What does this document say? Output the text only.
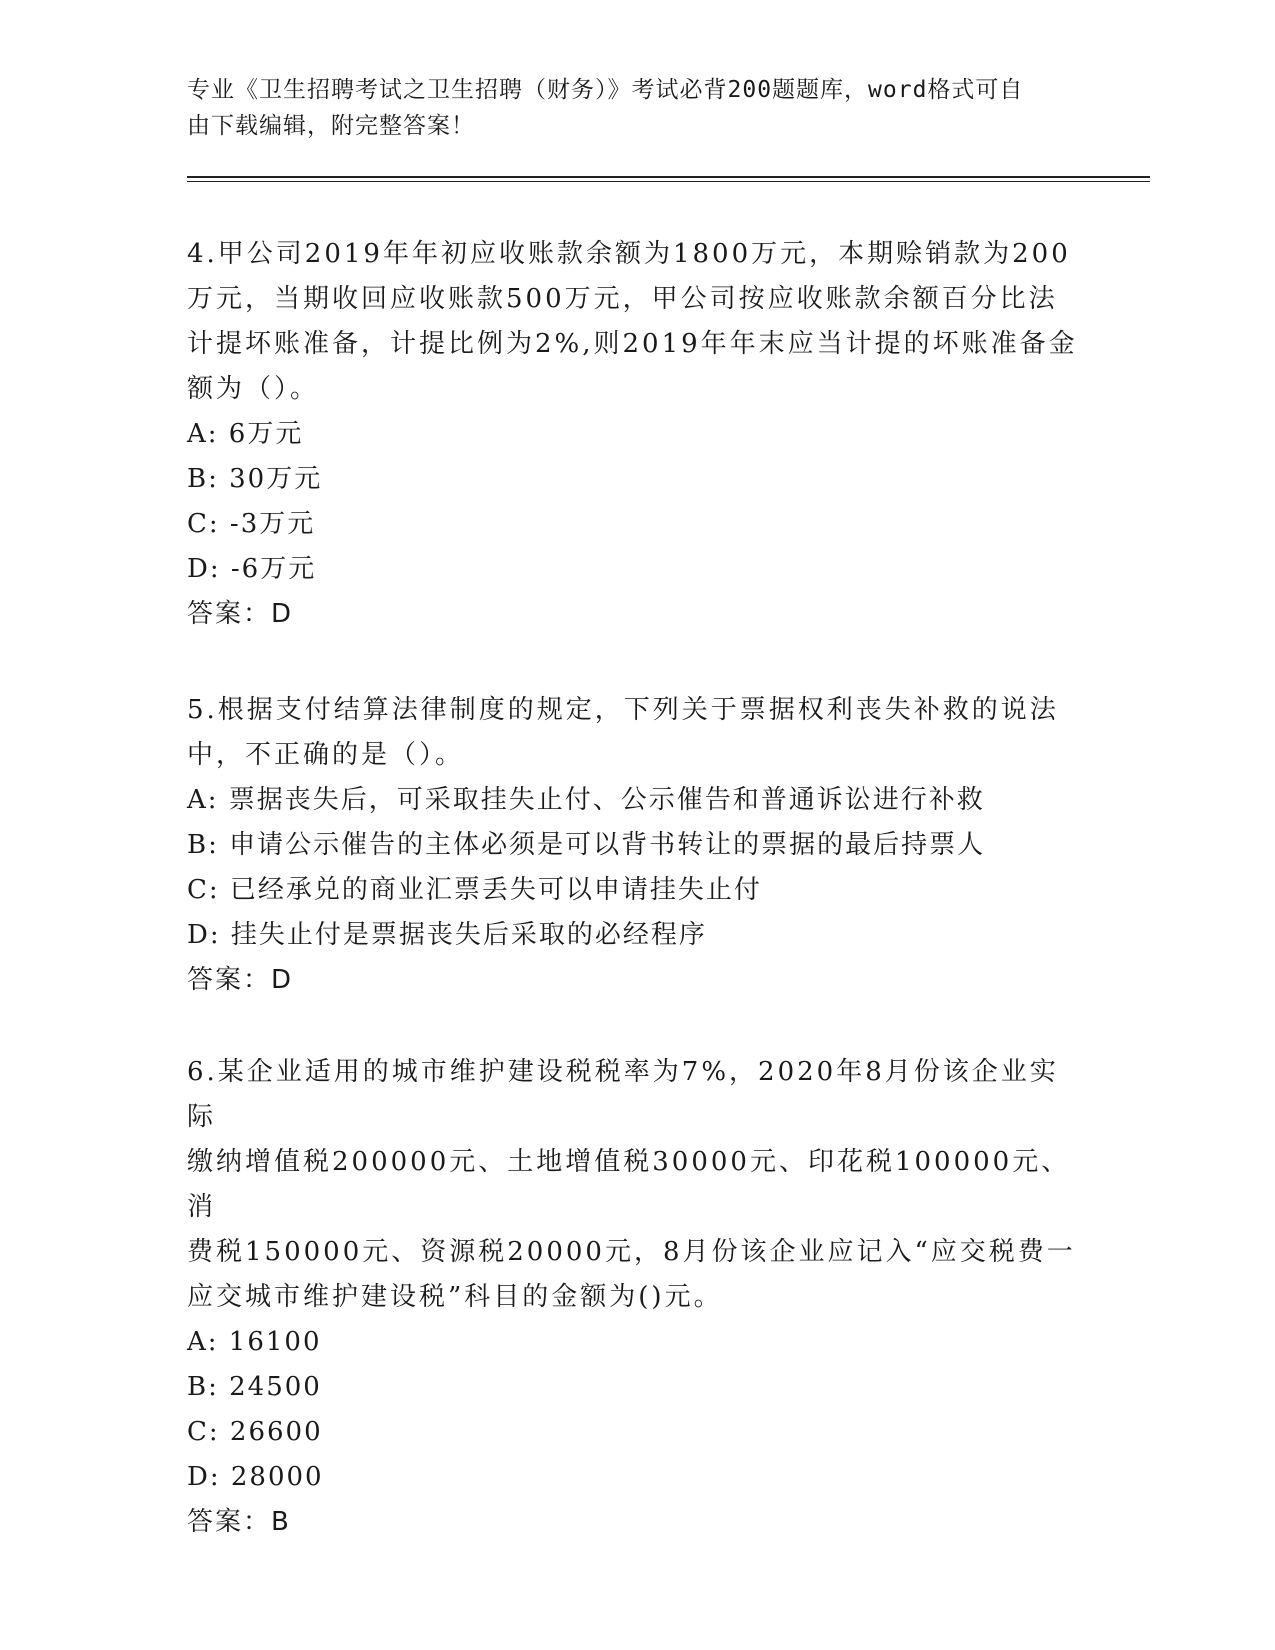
专业《卫生招聘考试之卫生招聘（财务）》考试必背200题题库，word格式可自
由下载编辑，附完整答案！

4.甲公司2019年年初应收账款余额为1800万元，本期赊销款为200

万元，当期收回应收账款500万元，甲公司按应收账款余额百分比法

计提坏账准备，计提比例为2%,则2019年年末应当计提的坏账准备金

额为（）。

A: 6万元

B: 30万元

C: -3万元

D: -6万元

答案：D

5.根据支付结算法律制度的规定，下列关于票据权利丧失补救的说法

中，不正确的是（）。

A: 票据丧失后，可采取挂失止付、公示催告和普通诉讼进行补救

B: 申请公示催告的主体必须是可以背书转让的票据的最后持票人

C: 已经承兑的商业汇票丢失可以申请挂失止付

D: 挂失止付是票据丧失后采取的必经程序

答案：D

6.某企业适用的城市维护建设税税率为7%，2020年8月份该企业实际

缴纳增值税200000元、土地增值税30000元、印花税100000元、消

费税150000元、资源税20000元，8月份该企业应记入“应交税费一

应交城市维护建设税”科目的金额为()元。

A: 16100

B: 24500

C: 26600

D: 28000

答案：B
